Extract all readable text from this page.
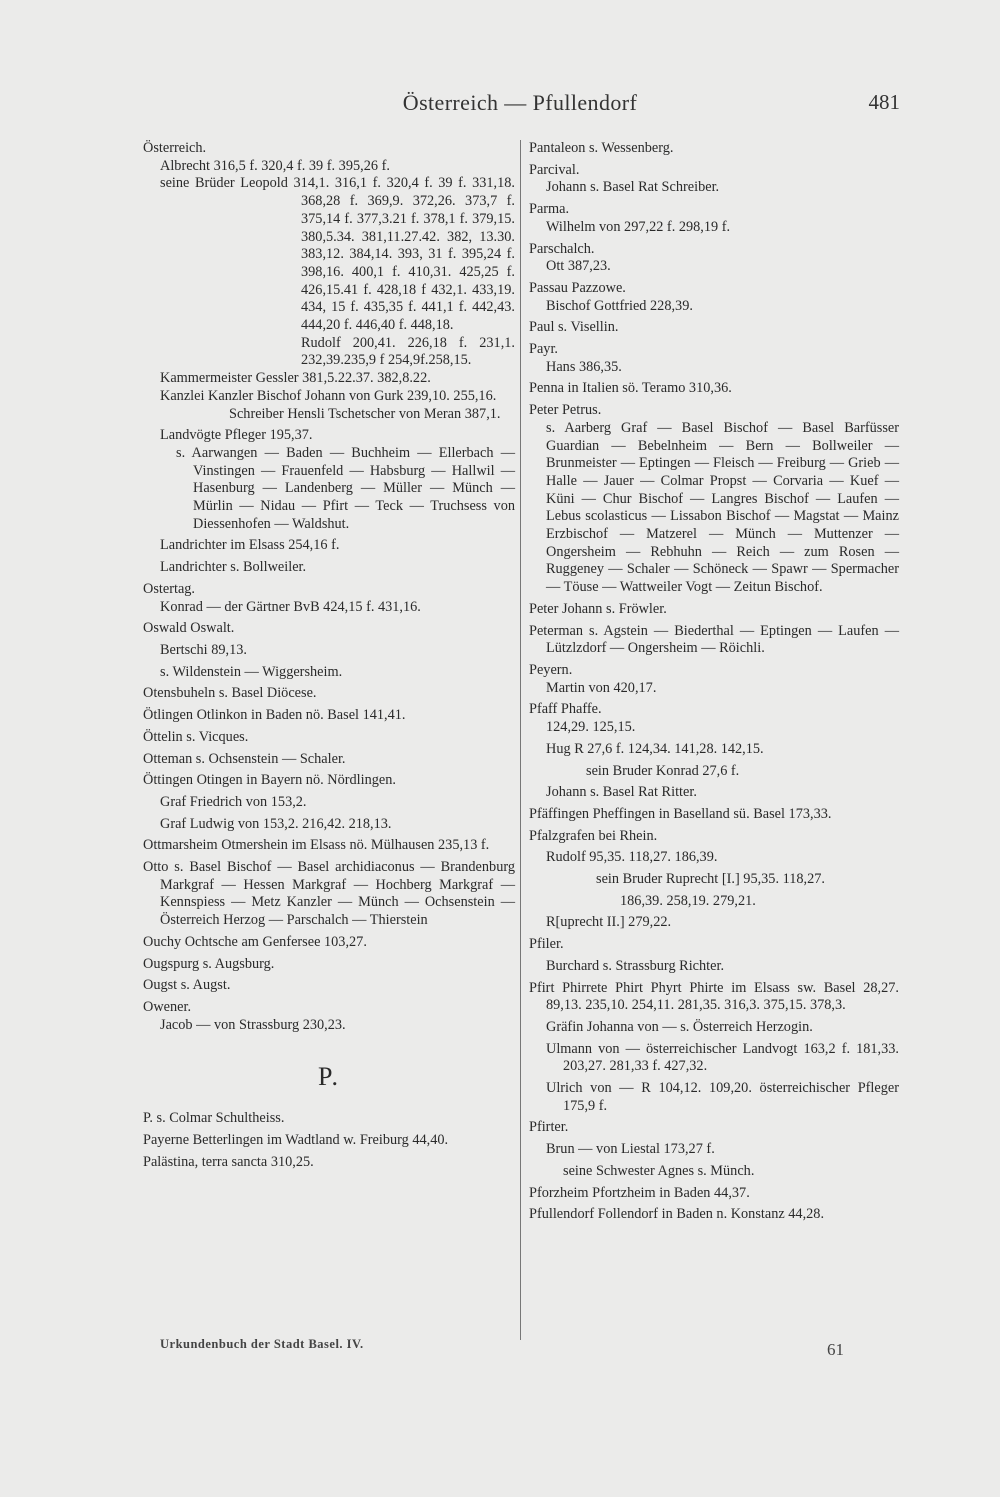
Österreich — Pfullendorf	481

Österreich.

Albrecht 316,5 f. 320,4 f. 39 f. 395,26 f.

seine Brüder Leopold 314,1. 316,1 f. 320,4 f. 39 f. 331,18. 368,28 f. 369,9. 372,26. 373,7 f. 375,14 f. 377,3.21 f. 378,1 f. 379,15. 380,5.34. 381,11.27.42. 382, 13.30. 383,12. 384,14. 393, 31 f. 395,24 f. 398,16. 400,1 f. 410,31. 425,25 f. 426,15.41 f. 428,18 f 432,1. 433,19. 434, 15 f. 435,35 f. 441,1 f. 442,43. 444,20 f. 446,40 f. 448,18.

Rudolf 200,41. 226,18 f. 231,1. 232,39.235,9 f 254,9f.258,15.

Kammermeister Gessler 381,5.22.37. 382,8.22.

Kanzlei Kanzler Bischof Johann von Gurk 239,10. 255,16.

Schreiber Hensli Tschetscher von Meran 387,1.

Landvögte Pfleger 195,37.

s. Aarwangen — Baden — Buchheim — Ellerbach — Vinstingen — Frauenfeld — Habsburg — Hallwil — Hasenburg — Landenberg — Müller — Münch — Mürlin — Nidau — Pfirt — Teck — Truchsess von Diessenhofen — Waldshut.

Landrichter im Elsass 254,16 f.

Landrichter s. Bollweiler.

Ostertag.

Konrad — der Gärtner BvB 424,15 f. 431,16.

Oswald Oswalt.

Bertschi 89,13.

s. Wildenstein — Wiggersheim.

Otensbuheln s. Basel Diöcese.

Ötlingen Otlinkon in Baden nö. Basel 141,41.

Öttelin s. Vicques.

Otteman s. Ochsenstein — Schaler.

Öttingen Otingen in Bayern nö. Nördlingen.

Graf Friedrich von 153,2.

Graf Ludwig von 153,2. 216,42. 218,13.

Ottmarsheim Otmershein im Elsass nö. Mülhausen 235,13 f.

Otto s. Basel Bischof — Basel archidiaconus — Brandenburg Markgraf — Hessen Markgraf — Hochberg Markgraf — Kennspiess — Metz Kanzler — Münch — Ochsenstein — Österreich Herzog — Parschalch — Thierstein

Ouchy Ochtsche am Genfersee 103,27.

Ougspurg s. Augsburg.

Ougst s. Augst.

Owener.

Jacob — von Strassburg 230,23.

P.

P. s. Colmar Schultheiss.

Payerne Betterlingen im Wadtland w. Freiburg 44,40.

Palästina, terra sancta 310,25.

Pantaleon s. Wessenberg.

Parcival.

Johann s. Basel Rat Schreiber.

Parma.

Wilhelm von 297,22 f. 298,19 f.

Parschalch.

Ott 387,23.

Passau Pazzowe.

Bischof Gottfried 228,39.

Paul s. Visellin.

Payr.

Hans 386,35.

Penna in Italien sö. Teramo 310,36.

Peter Petrus.

s. Aarberg Graf — Basel Bischof — Basel Barfüsser Guardian — Bebelnheim — Bern — Bollweiler — Brunmeister — Eptingen — Fleisch — Freiburg — Grieb — Halle — Jauer — Colmar Propst — Corvaria — Kuef — Küni — Chur Bischof — Langres Bischof — Laufen — Lebus scolasticus — Lissabon Bischof — Magstat — Mainz Erzbischof — Matzerel — Münch — Muttenzer — Ongersheim — Rebhuhn — Reich — zum Rosen — Ruggeney — Schaler — Schöneck — Spawr — Spermacher — Töuse — Wattweiler Vogt — Zeitun Bischof.

Peter Johann s. Fröwler.

Peterman s. Agstein — Biederthal — Eptingen — Laufen — Lützlzdorf — Ongersheim — Röichli.

Peyern.

Martin von 420,17.

Pfaff Phaffe.

124,29. 125,15.

Hug R 27,6 f. 124,34. 141,28. 142,15.

sein Bruder Konrad 27,6 f.

Johann s. Basel Rat Ritter.

Pfäffingen Pheffingen in Baselland sü. Basel 173,33.

Pfalzgrafen bei Rhein.

Rudolf 95,35. 118,27. 186,39.

sein Bruder Ruprecht [I.] 95,35. 118,27.

186,39. 258,19. 279,21.

R[uprecht II.] 279,22.

Pfiler.

Burchard s. Strassburg Richter.

Pfirt Phirrete Phirt Phyrt Phirte im Elsass sw. Basel 28,27. 89,13. 235,10. 254,11. 281,35. 316,3. 375,15. 378,3.

Gräfin Johanna von — s. Österreich Herzogin.

Ulmann von — österreichischer Landvogt 163,2 f. 181,33. 203,27. 281,33 f. 427,32.

Ulrich von — R 104,12. 109,20. österreichischer Pfleger 175,9 f.

Pfirter.

Brun — von Liestal 173,27 f.

seine Schwester Agnes s. Münch.

Pforzheim Pfortzheim in Baden 44,37.

Pfullendorf Follendorf in Baden n. Konstanz 44,28.

Urkundenbuch der Stadt Basel. IV.	61
